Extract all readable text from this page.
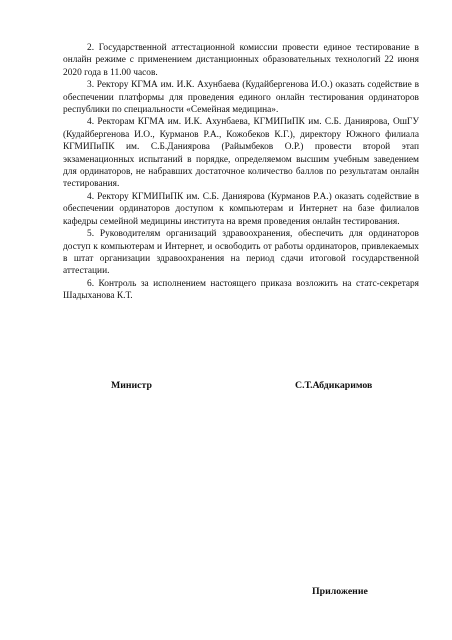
2. Государственной аттестационной комиссии провести единое тестирование в онлайн режиме с применением дистанционных образовательных технологий 22 июня 2020 года в 11.00 часов.

3. Ректору КГМА им. И.К. Ахунбаева (Кудайбергенова И.О.) оказать содействие в обеспечении платформы для проведения единого онлайн тестирования ординаторов республики по специальности «Семейная медицина».

4. Ректорам КГМА им. И.К. Ахунбаева, КГМИПиПК им. С.Б. Даниярова, ОшГУ (Кудайбергенова И.О., Курманов Р.А., Кожобеков К.Г.), директору Южного филиала КГМИПиПК им. С.Б.Даниярова (Райымбеков О.Р.) провести второй этап экзаменационных испытаний в порядке, определяемом высшим учебным заведением для ординаторов, не набравших достаточное количество баллов по результатам онлайн тестирования.

4. Ректору КГМИПиПК им. С.Б. Даниярова (Курманов Р.А.) оказать содействие в обеспечении ординаторов доступом к компьютерам и Интернет на базе филиалов кафедры семейной медицины института на время проведения онлайн тестирования.

5. Руководителям организаций здравоохранения, обеспечить для ординаторов доступ к компьютерам и Интернет, и освободить от работы ординаторов, привлекаемых в штат организации здравоохранения на период сдачи итоговой государственной аттестации.

6. Контроль за исполнением настоящего приказа возложить на статс-секретаря Шадыханова К.Т.

Министр	С.Т.Абдикаримов
Приложение
